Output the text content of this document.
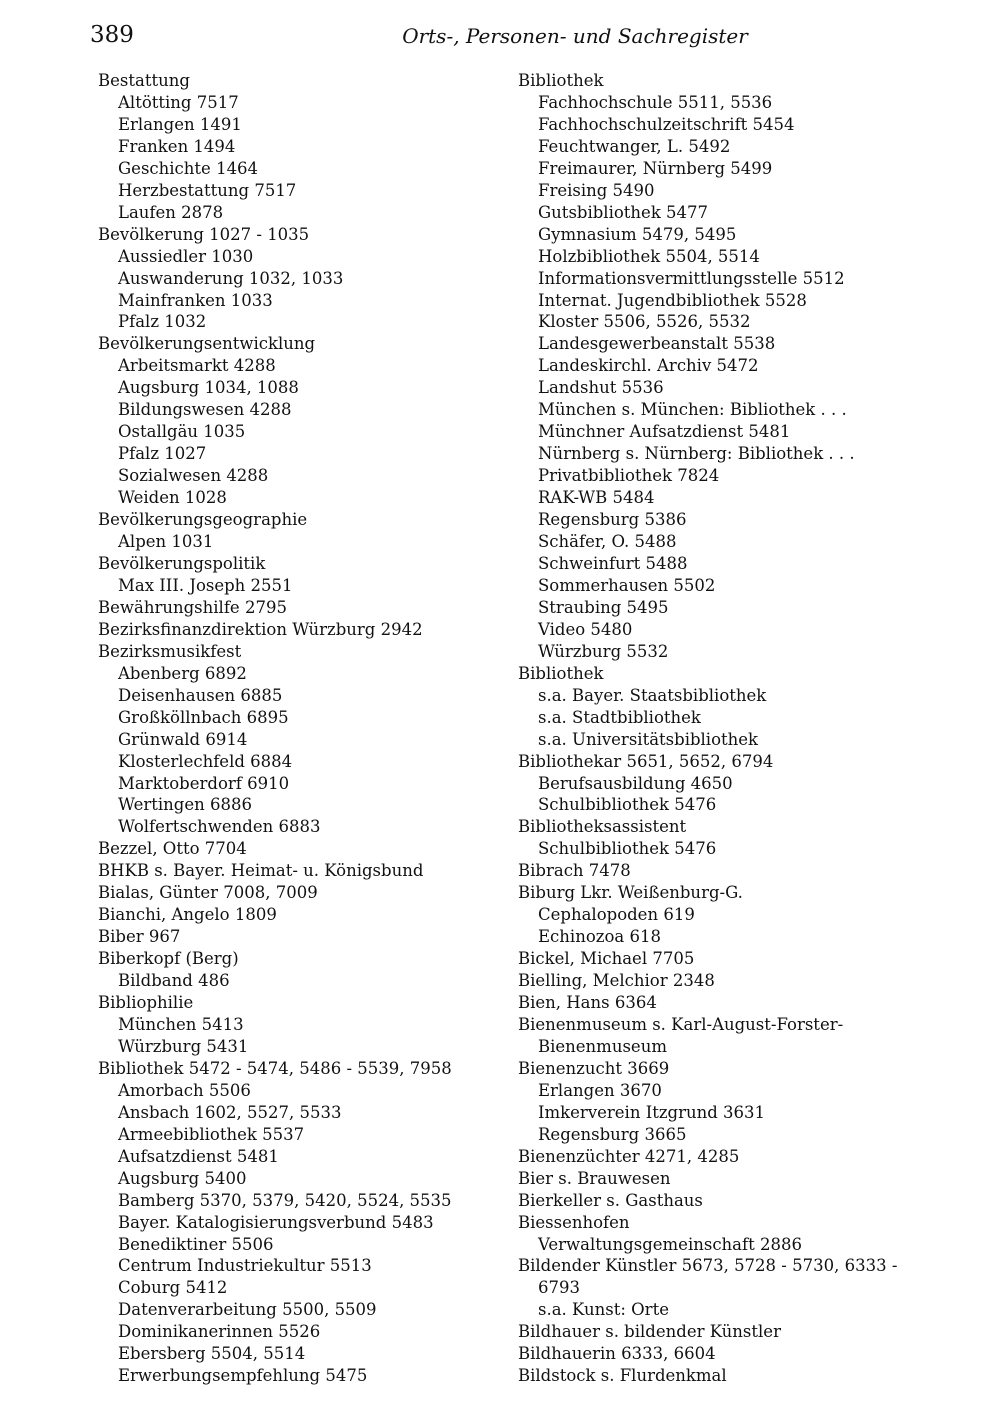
389	Orts-, Personen- und Sachregister
Bestattung
Altötting 7517
Erlangen 1491
Franken 1494
Geschichte 1464
Herzbestattung 7517
Laufen 2878
Bevölkerung 1027 - 1035
Aussiedler 1030
Auswanderung 1032, 1033
Mainfranken 1033
Pfalz 1032
Bevölkerungsentwicklung
Arbeitsmarkt 4288
Augsburg 1034, 1088
Bildungswesen 4288
Ostallgäu 1035
Pfalz 1027
Sozialwesen 4288
Weiden 1028
Bevölkerungsgeographie
Alpen 1031
Bevölkerungspolitik
Max III. Joseph 2551
Bewährungshilfe 2795
Bezirksfinanzdirektion Würzburg 2942
Bezirksmusikfest
Abenberg 6892
Deisenhausen 6885
Großköllnbach 6895
Grünwald 6914
Klosterlechfeld 6884
Marktoberdorf 6910
Wertingen 6886
Wolfertschwenden 6883
Bezzel, Otto 7704
BHKB s. Bayer. Heimat- u. Königsbund
Bialas, Günter 7008, 7009
Bianchi, Angelo 1809
Biber 967
Biberkopf (Berg)
Bildband 486
Bibliophilie
München 5413
Würzburg 5431
Bibliothek 5472 - 5474, 5486 - 5539, 7958
Amorbach 5506
Ansbach 1602, 5527, 5533
Armeebibliothek 5537
Aufsatzdienst 5481
Augsburg 5400
Bamberg 5370, 5379, 5420, 5524, 5535
Bayer. Katalogisierungsverbund 5483
Benediktiner 5506
Centrum Industriekultur 5513
Coburg 5412
Datenverarbeitung 5500, 5509
Dominikanerinnen 5526
Ebersberg 5504, 5514
Erwerbungsempfehlung 5475
Bibliothek
Fachhochschule 5511, 5536
Fachhochschulzeitschrift 5454
Feuchtwanger, L. 5492
Freimaurer, Nürnberg 5499
Freising 5490
Gutsbibliothek 5477
Gymnasium 5479, 5495
Holzbibliothek 5504, 5514
Informationsvermittlungsstelle 5512
Internat. Jugendbibliothek 5528
Kloster 5506, 5526, 5532
Landesgewerbeanstalt 5538
Landeskirchl. Archiv 5472
Landshut 5536
München s. München: Bibliothek . . .
Münchner Aufsatzdienst 5481
Nürnberg s. Nürnberg: Bibliothek . . .
Privatbibliothek 7824
RAK-WB 5484
Regensburg 5386
Schäfer, O. 5488
Schweinfurt 5488
Sommerhausen 5502
Straubing 5495
Video 5480
Würzburg 5532
Bibliothek
s.a. Bayer. Staatsbibliothek
s.a. Stadtbibliothek
s.a. Universitätsbibliothek
Bibliothekar 5651, 5652, 6794
Berufsausbildung 4650
Schulbibliothek 5476
Bibliotheksassistent
Schulbibliothek 5476
Bibrach 7478
Biburg Lkr. Weißenburg-G.
Cephalopoden 619
Echinozoa 618
Bickel, Michael 7705
Bielling, Melchior 2348
Bien, Hans 6364
Bienenmuseum s. Karl-August-Forster-Bienenmuseum
Bienenzucht 3669
Erlangen 3670
Imkerverein Itzgrund 3631
Regensburg 3665
Bienenzüchter 4271, 4285
Bier s. Brauwesen
Bierkeller s. Gasthaus
Biessenhofen
Verwaltungsgemeinschaft 2886
Bildender Künstler 5673, 5728 - 5730, 6333 - 6793
s.a. Kunst: Orte
Bildhauer s. bildender Künstler
Bildhauerin 6333, 6604
Bildstock s. Flurdenkmal
